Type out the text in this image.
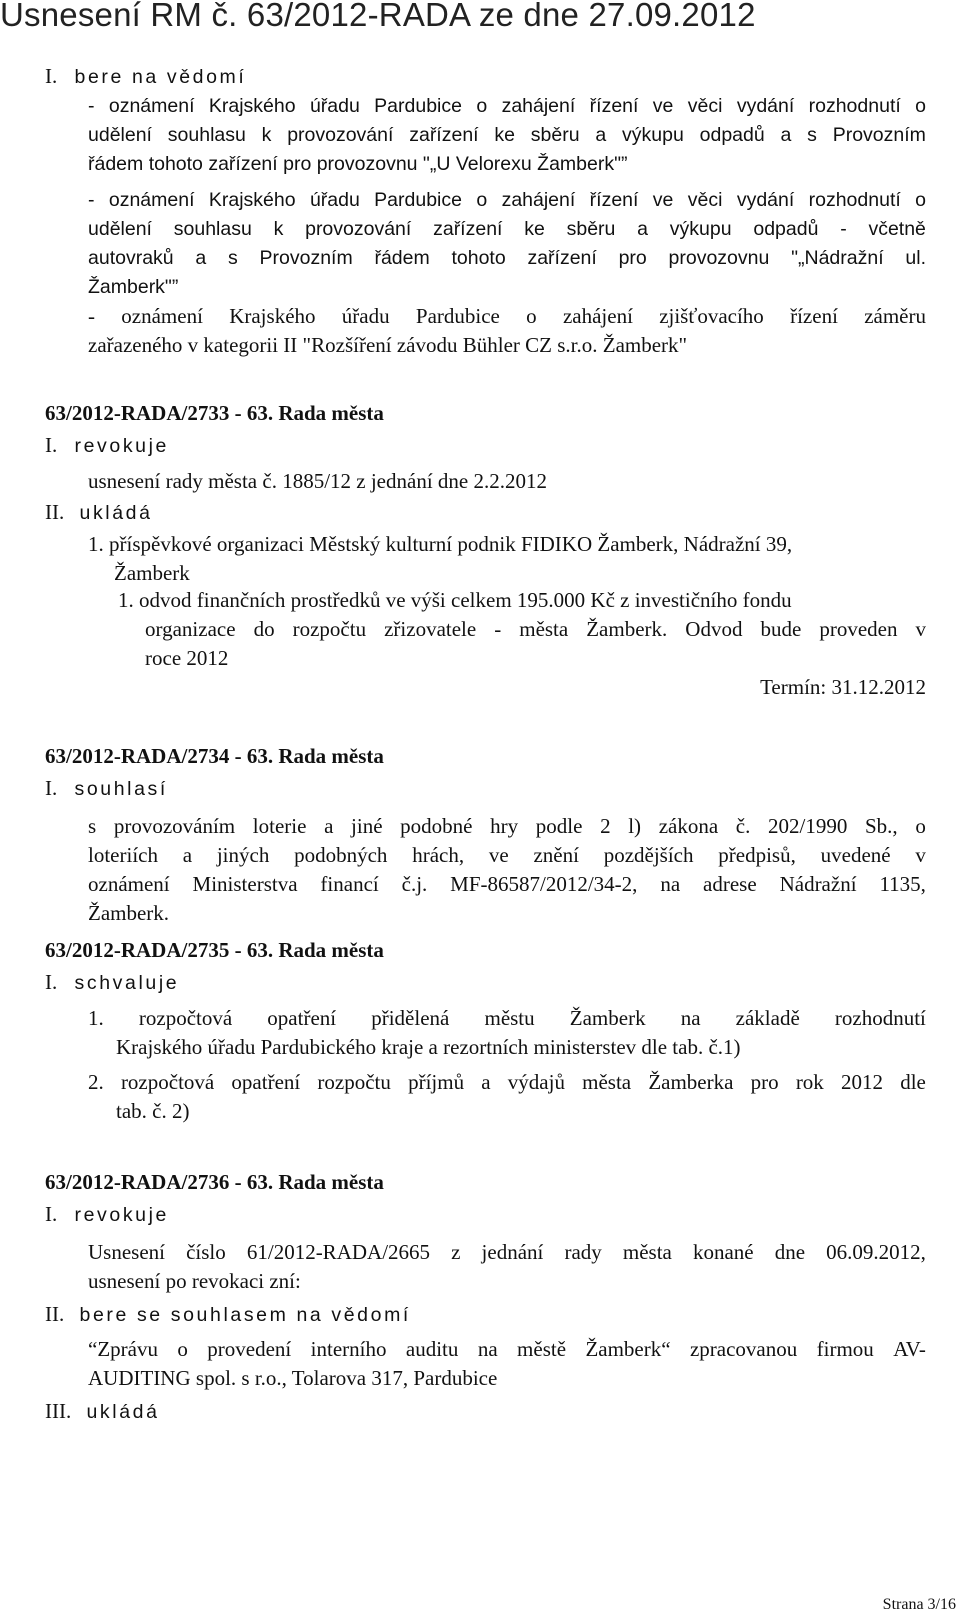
Usnesení RM č. 63/2012-RADA ze dne 27.09.2012
I. bere na vědomí
- oznámení Krajského úřadu Pardubice o zahájení řízení ve věci vydání rozhodnutí o
udělení souhlasu k provozování zařízení ke sběru a výkupu odpadů a s Provozním
řádem tohoto zařízení pro provozovnu "„U Velorexu Žamberk"”
- oznámení Krajského úřadu Pardubice o zahájení řízení ve věci vydání rozhodnutí o
udělení souhlasu k provozování zařízení ke sběru a výkupu odpadů - včetně
autovraků a s Provozním řádem tohoto zařízení pro provozovnu "„Nádražní ul.
Žamberk"”
- oznámení Krajského úřadu Pardubice o zahájení zjišťovacího řízení záměru
zařazeného v kategorii II "Rozšíření závodu Bühler CZ s.r.o. Žamberk"
63/2012-RADA/2733 - 63. Rada města
I. revokuje
usnesení rady města č. 1885/12 z jednání dne 2.2.2012
II. ukládá
1. příspěvkové organizaci Městský kulturní podnik FIDIKO Žamberk, Nádražní 39,
Žamberk
1. odvod finančních prostředků ve výši celkem 195.000 Kč z investičního fondu
organizace do rozpočtu zřizovatele - města Žamberk. Odvod bude proveden v
roce 2012
Termín: 31.12.2012
63/2012-RADA/2734 - 63. Rada města
I. souhlasí
s provozováním loterie a jiné podobné hry podle 2 l) zákona č. 202/1990 Sb., o
loteriích a jiných podobných hrách, ve znění pozdějších předpisů, uvedené v
oznámení Ministerstva financí č.j. MF-86587/2012/34-2, na adrese Nádražní 1135,
Žamberk.
63/2012-RADA/2735 - 63. Rada města
I. schvaluje
1. rozpočtová opatření přidělená městu Žamberk na základě rozhodnutí
Krajského úřadu Pardubického kraje a rezortních ministerstev dle tab. č.1)
2. rozpočtová opatření rozpočtu příjmů a výdajů města Žamberka pro rok 2012 dle
tab. č. 2)
63/2012-RADA/2736 - 63. Rada města
I. revokuje
Usnesení číslo 61/2012-RADA/2665 z jednání rady města konané dne 06.09.2012,
usnesení po revokaci zní:
II. bere se souhlasem na vědomí
“Zprávu o provedení interního auditu na městě Žamberk“ zpracovanou firmou AV-
AUDITING spol. s r.o., Tolarova 317, Pardubice
III. ukládá
Strana 3/16
